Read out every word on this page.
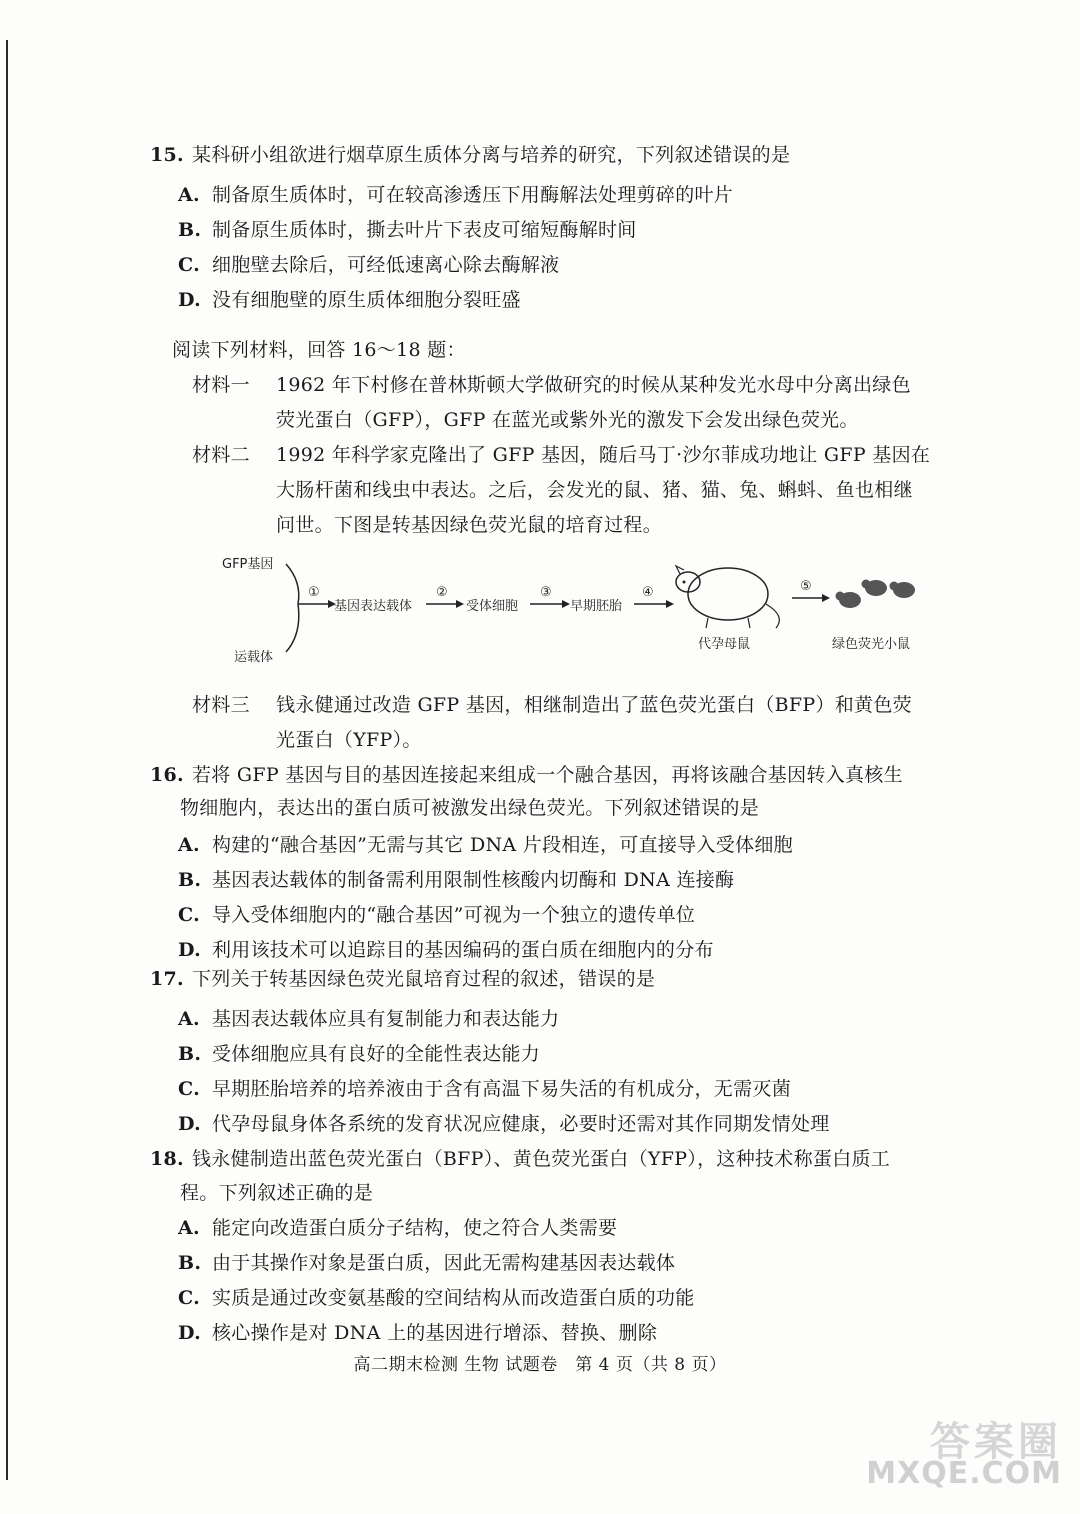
15. 某科研小组欲进行烟草原生质体分离与培养的研究，下列叙述错误的是
A. 制备原生质体时，可在较高渗透压下用酶解法处理剪碎的叶片
B. 制备原生质体时，撕去叶片下表皮可缩短酶解时间
C. 细胞壁去除后，可经低速离心除去酶解液
D. 没有细胞壁的原生质体细胞分裂旺盛
阅读下列材料，回答 16～18 题：
材料一 1962 年下村修在普林斯顿大学做研究的时候从某种发光水母中分离出绿色
荧光蛋白（GFP），GFP 在蓝光或紫外光的激发下会发出绿色荧光。
材料二 1992 年科学家克隆出了 GFP 基因，随后马丁·沙尔菲成功地让 GFP 基因在
大肠杆菌和线虫中表达。之后，会发光的鼠、猪、猫、兔、蝌蚪、鱼也相继
问世。下图是转基因绿色荧光鼠的培育过程。
GFP基因
运载体
①
基因表达载体
②
受体细胞
③
早期胚胎
④
代孕母鼠
⑤
绿色荧光小鼠
材料三 钱永健通过改造 GFP 基因，相继制造出了蓝色荧光蛋白（BFP）和黄色荧
光蛋白（YFP）。
16. 若将 GFP 基因与目的基因连接起来组成一个融合基因，再将该融合基因转入真核生
物细胞内，表达出的蛋白质可被激发出绿色荧光。下列叙述错误的是
A. 构建的“融合基因”无需与其它 DNA 片段相连，可直接导入受体细胞
B. 基因表达载体的制备需利用限制性核酸内切酶和 DNA 连接酶
C. 导入受体细胞内的“融合基因”可视为一个独立的遗传单位
D. 利用该技术可以追踪目的基因编码的蛋白质在细胞内的分布
17. 下列关于转基因绿色荧光鼠培育过程的叙述，错误的是
A. 基因表达载体应具有复制能力和表达能力
B. 受体细胞应具有良好的全能性表达能力
C. 早期胚胎培养的培养液由于含有高温下易失活的有机成分，无需灭菌
D. 代孕母鼠身体各系统的发育状况应健康，必要时还需对其作同期发情处理
18. 钱永健制造出蓝色荧光蛋白（BFP）、黄色荧光蛋白（YFP），这种技术称蛋白质工
程。下列叙述正确的是
A. 能定向改造蛋白质分子结构，使之符合人类需要
B. 由于其操作对象是蛋白质，因此无需构建基因表达载体
C. 实质是通过改变氨基酸的空间结构从而改造蛋白质的功能
D. 核心操作是对 DNA 上的基因进行增添、替换、删除
高二期末检测 生物 试题卷　第 4 页（共 8 页）
答案圈
MXQE.COM
